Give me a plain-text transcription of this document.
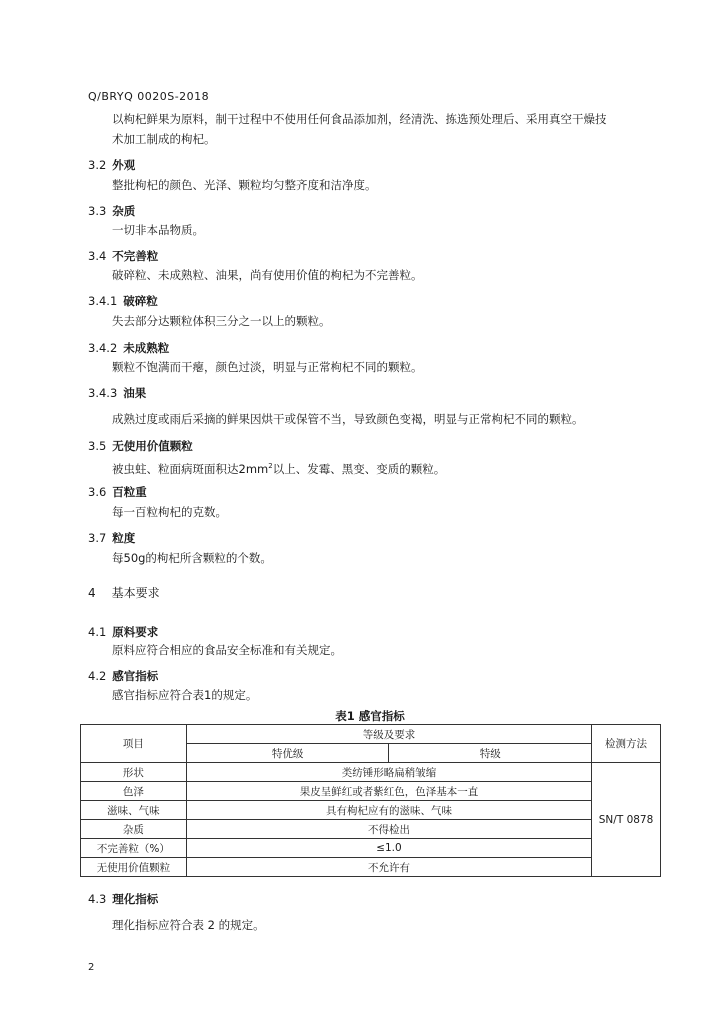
Q/BRYQ 0020S-2018
以枸杞鲜果为原料，制干过程中不使用任何食品添加剂，经清洗、拣选预处理后、采用真空干燥技
术加工制成的枸杞。
3.2 外观
整批枸杞的颜色、光泽、颗粒均匀整齐度和洁净度。
3.3 杂质
一切非本品物质。
3.4 不完善粒
破碎粒、未成熟粒、油果，尚有使用价值的枸杞为不完善粒。
3.4.1 破碎粒
失去部分达颗粒体积三分之一以上的颗粒。
3.4.2 未成熟粒
颗粒不饱满而干瘪，颜色过淡，明显与正常枸杞不同的颗粒。
3.4.3 油果
成熟过度或雨后采摘的鲜果因烘干或保管不当，导致颜色变褐，明显与正常枸杞不同的颗粒。
3.5 无使用价值颗粒
被虫蛀、粒面病斑面积达$2mm^2$以上、发霉、黑变、变质的颗粒。
3.6 百粒重
每一百粒枸杞的克数。
3.7 粒度
每50g的枸杞所含颗粒的个数。
4 基本要求
4.1 原料要求
原料应符合相应的食品安全标准和有关规定。
4.2 感官指标
感官指标应符合表1的规定。
表1 感官指标
项目	等级及要求		检测方法
	特优级	特级	
形状	类纺锤形略扁稍皱缩		SN/T 0878
色泽	果皮呈鲜红或者紫红色，色泽基本一直		
滋味、气味	具有枸杞应有的滋味、气味		
杂质	不得检出		
不完善粒（%）	≤1.0		
无使用价值颗粒	不允许有		
4.3 理化指标
理化指标应符合表 2 的规定。
2
